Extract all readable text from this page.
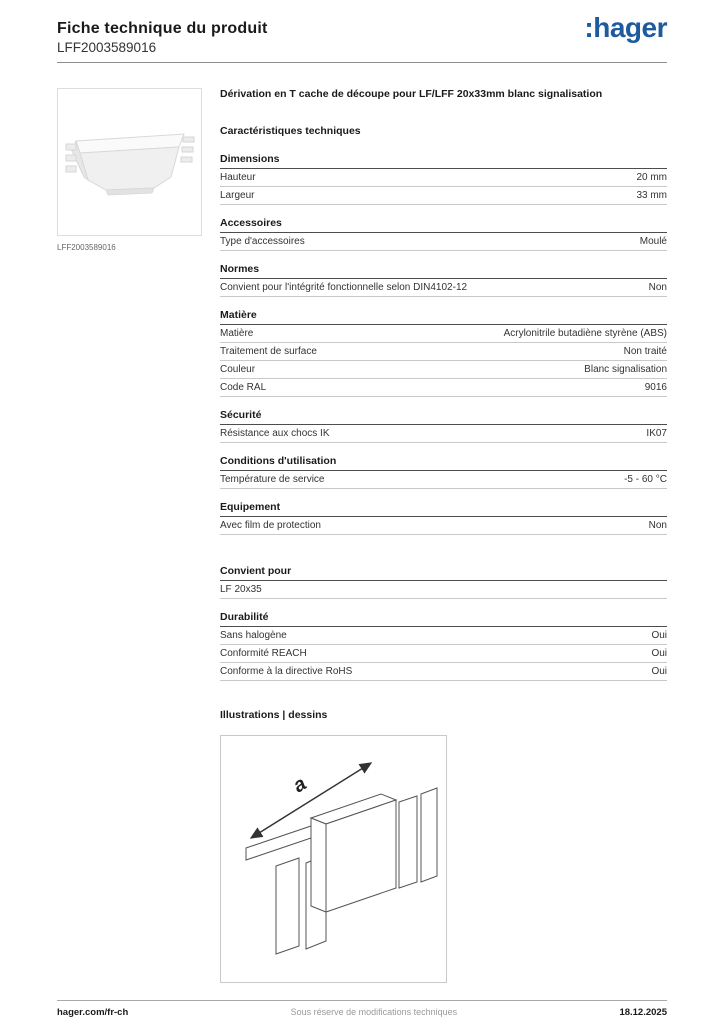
Fiche technique du produit
LFF2003589016
:hager
LFF2003589016
Dérivation en T cache de découpe pour LF/LFF 20x33mm blanc signalisation
Caractéristiques techniques
Dimensions
Hauteur	20 mm
Largeur	33 mm
Accessoires
Type d'accessoires	Moulé
Normes
Convient pour l'intégrité fonctionnelle selon DIN4102-12	Non
Matière
Matière	Acrylonitrile butadiène styrène (ABS)
Traitement de surface	Non traité
Couleur	Blanc signalisation
Code RAL	9016
Sécurité
Résistance aux chocs IK	IK07
Conditions d'utilisation
Température de service	-5 - 60 °C
Equipement
Avec film de protection	Non
Convient pour
LF 20x35
Durabilité
Sans halogène	Oui
Conformité REACH	Oui
Conforme à la directive RoHS	Oui
Illustrations | dessins
a
hager.com/fr-ch	Sous réserve de modifications techniques	18.12.2025
